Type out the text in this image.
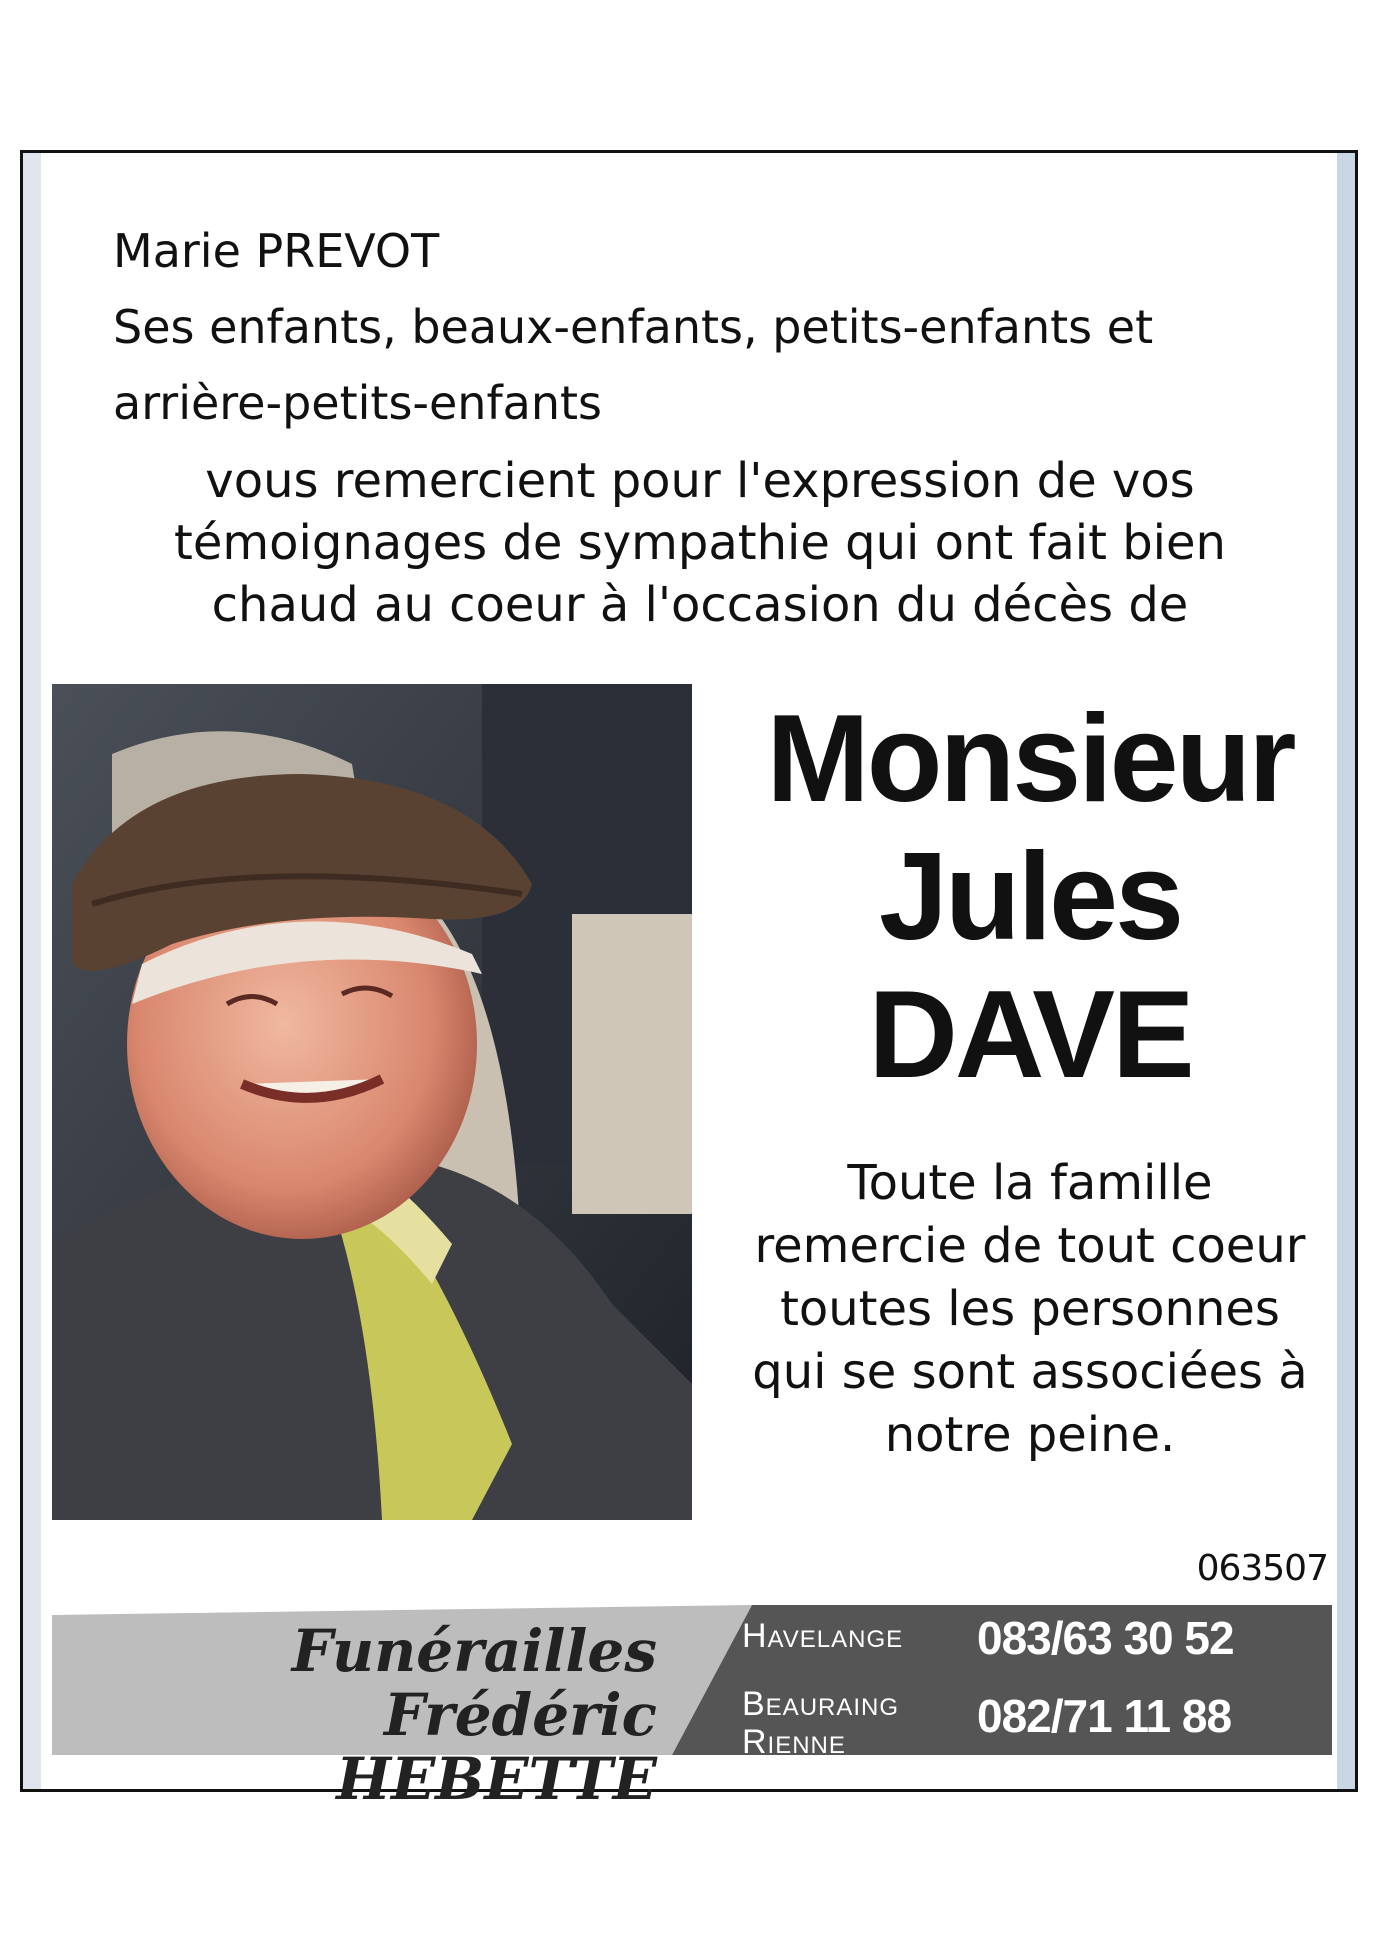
Marie PREVOT
Ses enfants, beaux-enfants, petits-enfants et
arrière-petits-enfants
vous remercient pour l'expression de vos
témoignages de sympathie qui ont fait bien
chaud au coeur à l'occasion du décès de
Monsieur
Jules
DAVE
Toute la famille
remercie de tout coeur
toutes les personnes
qui se sont associées à
notre peine.
063507
Funérailles
Frédéric HEBETTE
Havelange 083/63 30 52
Beauraing
Rienne	082/71 11 88
